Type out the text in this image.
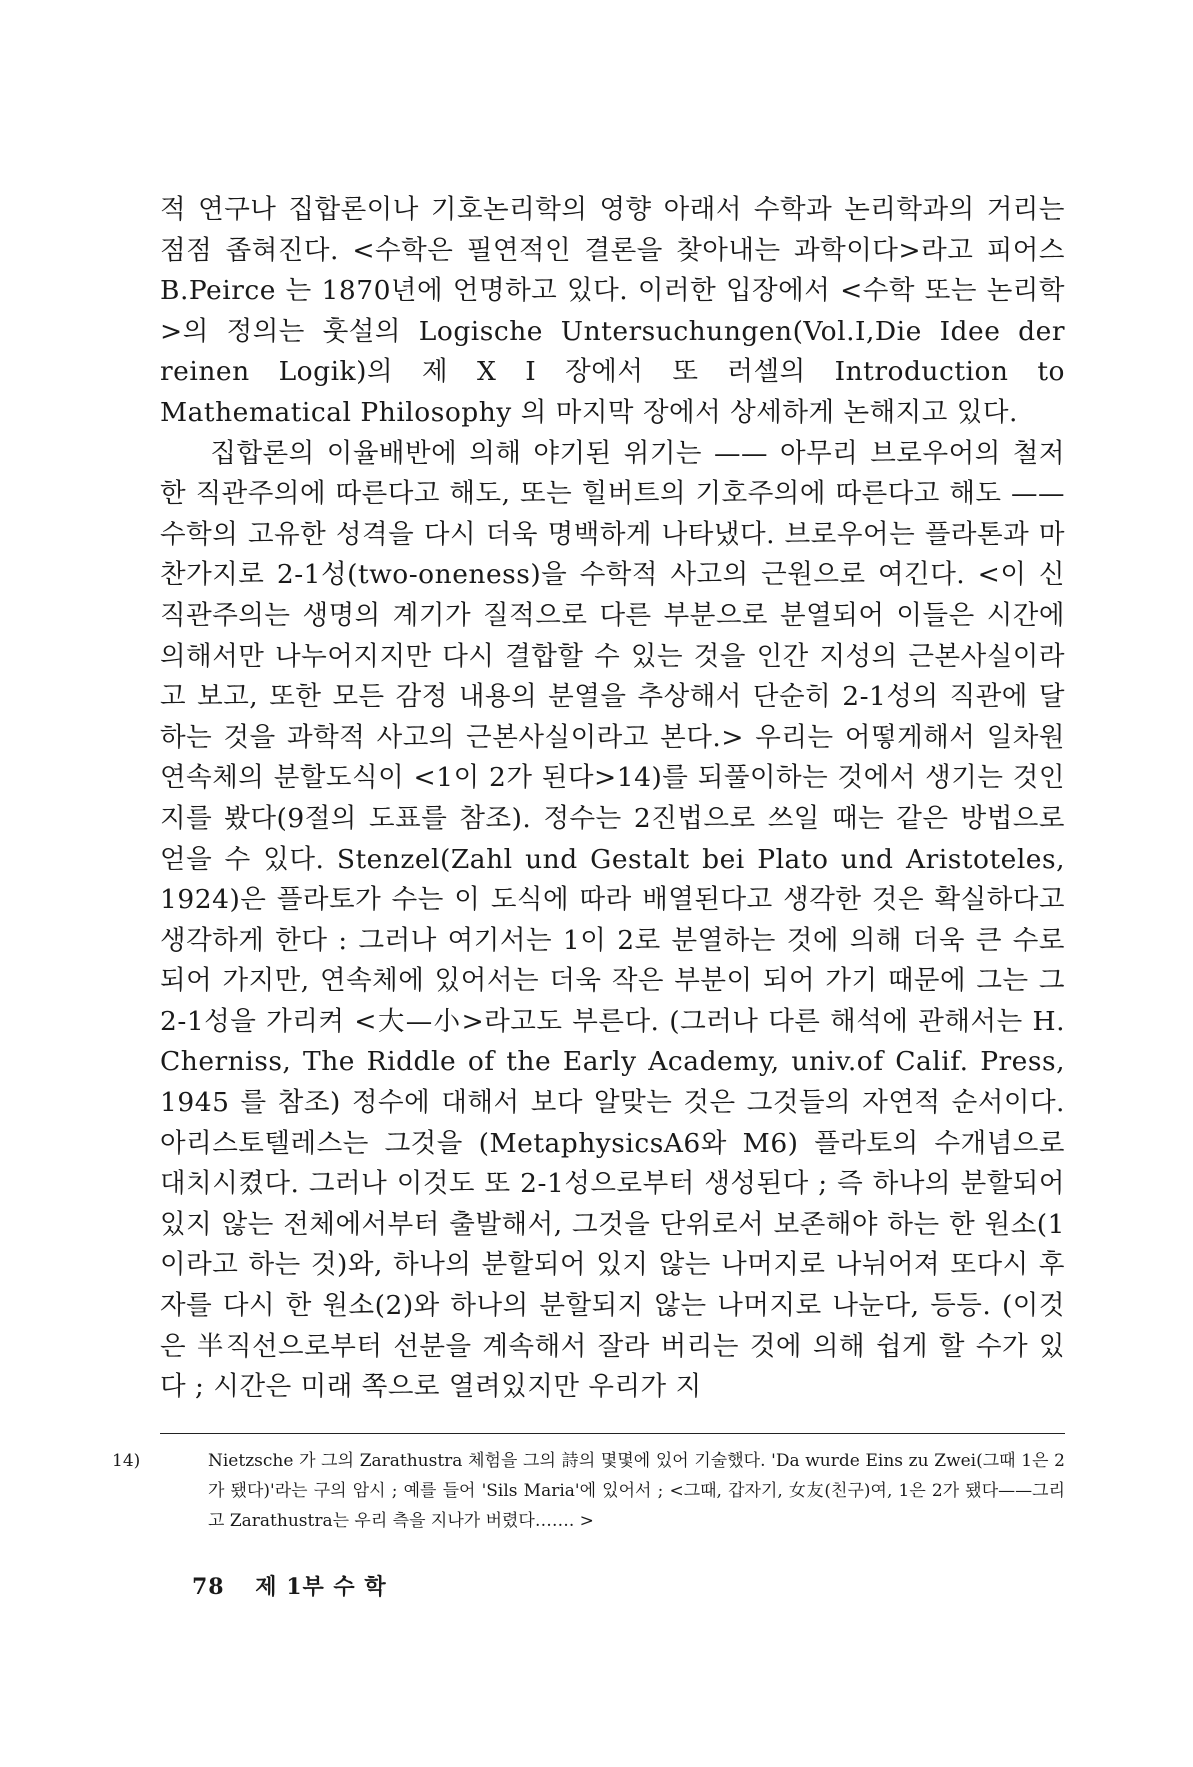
적 연구나 집합론이나 기호논리학의 영향 아래서 수학과 논리학과의 거리는 점점 좁혀진다. <수학은 필연적인 결론을 찾아내는 과학이다>라고 피어스 B.Peirce 는 1870년에 언명하고 있다. 이러한 입장에서 <수학 또는 논리학>의 정의는 훗설의 Logische Untersuchungen(Vol.I,Die Idee der reinen Logik)의 제 X I 장에서 또 러셀의 Introduction to Mathematical Philosophy 의 마지막 장에서 상세하게 논해지고 있다.

집합론의 이율배반에 의해 야기된 위기는 —— 아무리 브로우어의 철저한 직관주의에 따른다고 해도, 또는 힐버트의 기호주의에 따른다고 해도 —— 수학의 고유한 성격을 다시 더욱 명백하게 나타냈다. 브로우어는 플라톤과 마찬가지로 2-1성(two-oneness)을 수학적 사고의 근원으로 여긴다. <이 신직관주의는 생명의 계기가 질적으로 다른 부분으로 분열되어 이들은 시간에 의해서만 나누어지지만 다시 결합할 수 있는 것을 인간 지성의 근본사실이라고 보고, 또한 모든 감정 내용의 분열을 추상해서 단순히 2-1성의 직관에 달하는 것을 과학적 사고의 근본사실이라고 본다.> 우리는 어떻게해서 일차원 연속체의 분할도식이 <1이 2가 된다>14)를 되풀이하는 것에서 생기는 것인지를 봤다(9절의 도표를 참조). 정수는 2진법으로 쓰일 때는 같은 방법으로 얻을 수 있다. Stenzel(Zahl und Gestalt bei Plato und Aristoteles, 1924)은 플라토가 수는 이 도식에 따라 배열된다고 생각한 것은 확실하다고 생각하게 한다 : 그러나 여기서는 1이 2로 분열하는 것에 의해 더욱 큰 수로 되어 가지만, 연속체에 있어서는 더욱 작은 부분이 되어 가기 때문에 그는 그 2-1성을 가리켜 <大—小>라고도 부른다. (그러나 다른 해석에 관해서는 H. Cherniss, The Riddle of the Early Academy, univ.of Calif. Press, 1945 를 참조) 정수에 대해서 보다 알맞는 것은 그것들의 자연적 순서이다. 아리스토텔레스는 그것을 (MetaphysicsA6와 M6) 플라토의 수개념으로 대치시켰다. 그러나 이것도 또 2-1성으로부터 생성된다 ; 즉 하나의 분할되어 있지 않는 전체에서부터 출발해서, 그것을 단위로서 보존해야 하는 한 원소(1이라고 하는 것)와, 하나의 분할되어 있지 않는 나머지로 나뉘어져 또다시 후자를 다시 한 원소(2)와 하나의 분할되지 않는 나머지로 나눈다, 등등. (이것은 半직선으로부터 선분을 계속해서 잘라 버리는 것에 의해 쉽게 할 수가 있다 ; 시간은 미래 쪽으로 열려있지만 우리가 지

14)	Nietzsche 가 그의 Zarathustra 체험을 그의 詩의 몇몇에 있어 기술했다. 'Da wurde Eins zu Zwei(그때 1은 2가 됐다)'라는 구의 암시 ; 예를 들어 'Sils Maria'에 있어서 ; <그때, 갑자기, 女友(친구)여, 1은 2가 됐다——그리고 Zarathustra는 우리 측을 지나가 버렸다……. >
78 제 1부 수 학
